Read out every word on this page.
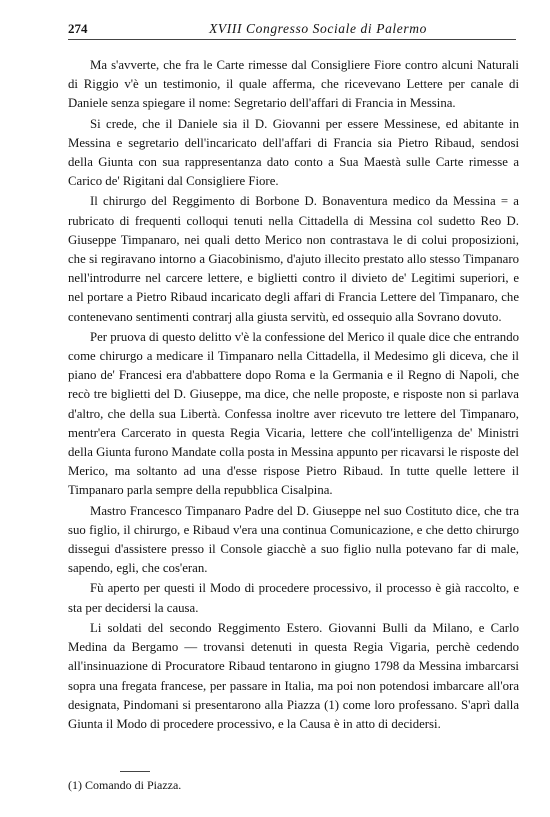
274	XVIII Congresso Sociale di Palermo

Ma s'avverte, che fra le Carte rimesse dal Consigliere Fiore contro alcuni Naturali di Riggio v'è un testimonio, il quale afferma, che ricevevano Lettere per canale di Daniele senza spiegare il nome: Segretario dell'affari di Francia in Messina.

Si crede, che il Daniele sia il D. Giovanni per essere Messinese, ed abitante in Messina e segretario dell'incaricato dell'affari di Francia sia Pietro Ribaud, sendosi della Giunta con sua rappresentanza dato conto a Sua Maestà sulle Carte rimesse a Carico de' Rigitani dal Consigliere Fiore.

Il chirurgo del Reggimento di Borbone D. Bonaventura medico da Messina = a rubricato di frequenti colloqui tenuti nella Cittadella di Messina col sudetto Reo D. Giuseppe Timpanaro, nei quali detto Merico non contrastava le di colui proposizioni, che si regiravano intorno a Giacobinismo, d'ajuto illecito prestato allo stesso Timpanaro nell'introdurre nel carcere lettere, e biglietti contro il divieto de' Legitimi superiori, e nel portare a Pietro Ribaud incaricato degli affari di Francia Lettere del Timpanaro, che contenevano sentimenti contrarj alla giusta servitù, ed ossequio alla Sovrano dovuto.

Per pruova di questo delitto v'è la confessione del Merico il quale dice che entrando come chirurgo a medicare il Timpanaro nella Cittadella, il Medesimo gli diceva, che il piano de' Francesi era d'abbattere dopo Roma e la Germania e il Regno di Napoli, che recò tre biglietti del D. Giuseppe, ma dice, che nelle proposte, e risposte non si parlava d'altro, che della sua Libertà. Confessa inoltre aver ricevuto tre lettere del Timpanaro, mentr'era Carcerato in questa Regia Vicaria, lettere che coll'intelligenza de' Ministri della Giunta furono Mandate colla posta in Messina appunto per ricavarsi le risposte del Merico, ma soltanto ad una d'esse rispose Pietro Ribaud. In tutte quelle lettere il Timpanaro parla sempre della repubblica Cisalpina.

Mastro Francesco Timpanaro Padre del D. Giuseppe nel suo Costituto dice, che tra suo figlio, il chirurgo, e Ribaud v'era una continua Comunicazione, e che detto chirurgo dissegui d'assistere presso il Console giacchè a suo figlio nulla potevano far di male, sapendo, egli, che cos'eran.

Fù aperto per questi il Modo di procedere processivo, il processo è già raccolto, e sta per decidersi la causa.

Li soldati del secondo Reggimento Estero. Giovanni Bulli da Milano, e Carlo Medina da Bergamo — trovansi detenuti in questa Regia Vigaria, perchè cedendo all'insinuazione di Procuratore Ribaud tentarono in giugno 1798 da Messina imbarcarsi sopra una fregata francese, per passare in Italia, ma poi non potendosi imbarcare all'ora designata, Pindomani si presentarono alla Piazza (1) come loro professano. S'aprì dalla Giunta il Modo di procedere processivo, e la Causa è in atto di decidersi.

(1) Comando di Piazza.
